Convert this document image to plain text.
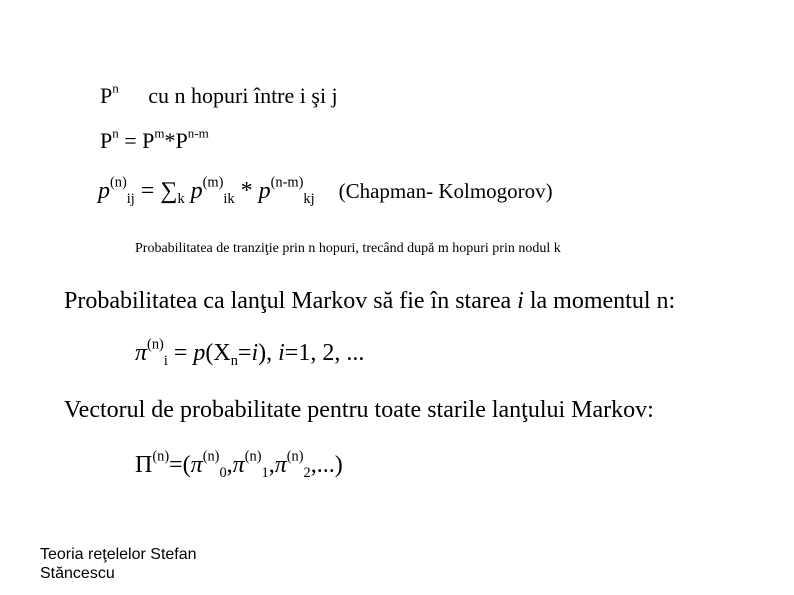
$P^n$ cu n hopuri între i şi j
$P^n = P^m*P^{n-m}$
$p^{(n)}_{ij} = \sum_k$ $p^{(m)}_{ik} * p^{(n-m)}_{kj}$ (Chapman- Kolmogorov)
Probabilitatea de tranziţie prin n hopuri, trecând după m hopuri prin nodul k
Probabilitatea ca lanţul Markov să fie în starea i la momentul n:
$\pi^{(n)}_i = p(X_n=i)$, i=1, 2, ...
Vectorul de probabilitate pentru toate starile lanţului Markov:
$\Pi^{(n)}=(\pi^{(n)}_0,\pi^{(n)}_1,\pi^{(n)}_2,...)$
Teoria reţelelor Stefan
Stăncescu
